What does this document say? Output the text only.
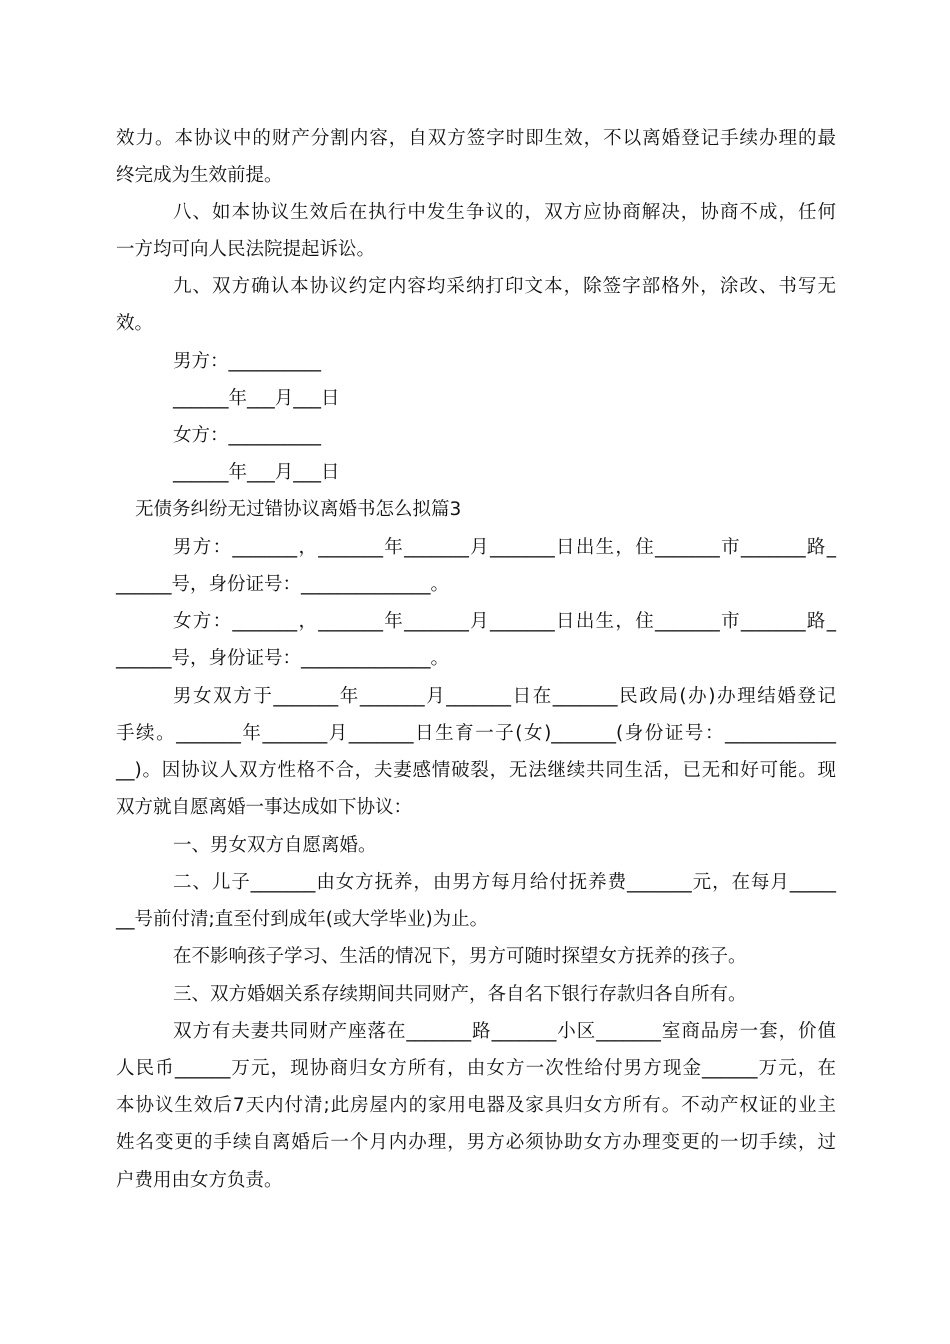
效力。本协议中的财产分割内容，自双方签字时即生效，不以离婚登记手续办理的最
终完成为生效前提。
八、如本协议生效后在执行中发生争议的，双方应协商解决，协商不成，任何
一方均可向人民法院提起诉讼。
九、双方确认本协议约定内容均采纳打印文本，除签字部格外，涂改、书写无
效。
男方：__________
______年___月___日
女方：__________
______年___月___日
无债务纠纷无过错协议离婚书怎么拟篇3
男方：_______，_______年_______月_______日出生，住_______市_______路_
______号，身份证号：______________。
女方：_______，_______年_______月_______日出生，住_______市_______路_
______号，身份证号：______________。
男女双方于_______年_______月_______日在_______民政局(办)办理结婚登记
手续。_______年_______月_______日生育一子(女)_______(身份证号：____________
__)。因协议人双方性格不合，夫妻感情破裂，无法继续共同生活，已无和好可能。现
双方就自愿离婚一事达成如下协议：
一、男女双方自愿离婚。
二、儿子_______由女方抚养，由男方每月给付抚养费_______元，在每月_____
__号前付清;直至付到成年(或大学毕业)为止。
在不影响孩子学习、生活的情况下，男方可随时探望女方抚养的孩子。
三、双方婚姻关系存续期间共同财产，各自名下银行存款归各自所有。
双方有夫妻共同财产座落在_______路_______小区_______室商品房一套，价值
人民币______万元，现协商归女方所有，由女方一次性给付男方现金______万元，在
本协议生效后7天内付清;此房屋内的家用电器及家具归女方所有。不动产权证的业主
姓名变更的手续自离婚后一个月内办理，男方必须协助女方办理变更的一切手续，过
户费用由女方负责。
